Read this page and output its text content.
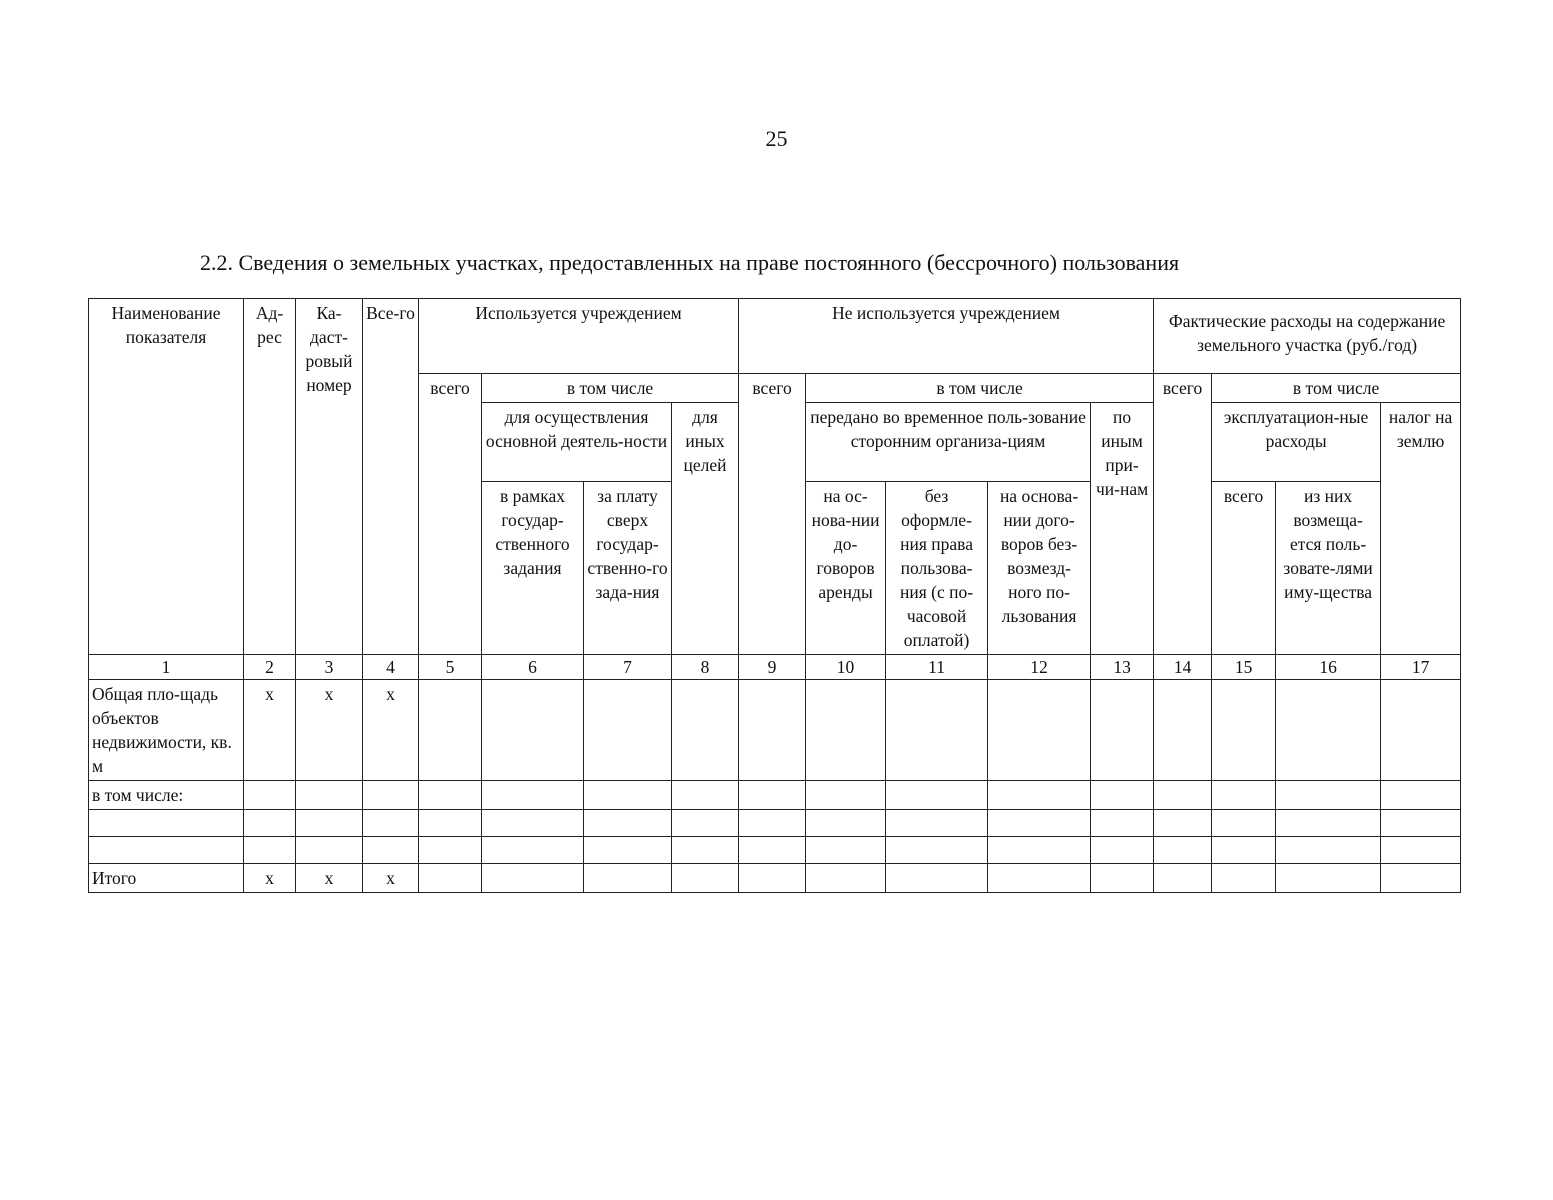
25
2.2. Сведения о земельных участках, предоставленных на праве постоянного (бессрочного) пользования
Наименование показателя	Ад-рес	Ка-даст-ровый номер	Все-го	Используется учреждением				Не используется учреждением					Фактические расходы на содержание земельного участка (руб./год)			
				всего	в том числе			всего	в том числе				всего	в том числе		
					для осуществления основной деятель-ности		для иных целей		передано во временное поль-зование сторонним организа-циям			по иным при-чи-нам		эксплуатацион-ные расходы		налог на землю
					в рамках государ-ственного задания	за плату сверх государ-ственно-го зада-ния			на ос-нова-нии до-говоров аренды	без оформле-ния права пользова-ния (с по-часовой оплатой)	на основа-нии дого-воров без-возмезд-ного по-льзования			всего	из них возмеща-ется поль-зовате-лями иму-щества	
1	2	3	4	5	6	7	8	9	10	11	12	13	14	15	16	17
Общая пло-щадь объектов недвижимости, кв. м	x	x	x													
в том числе:																

Итого	x	x	x													
